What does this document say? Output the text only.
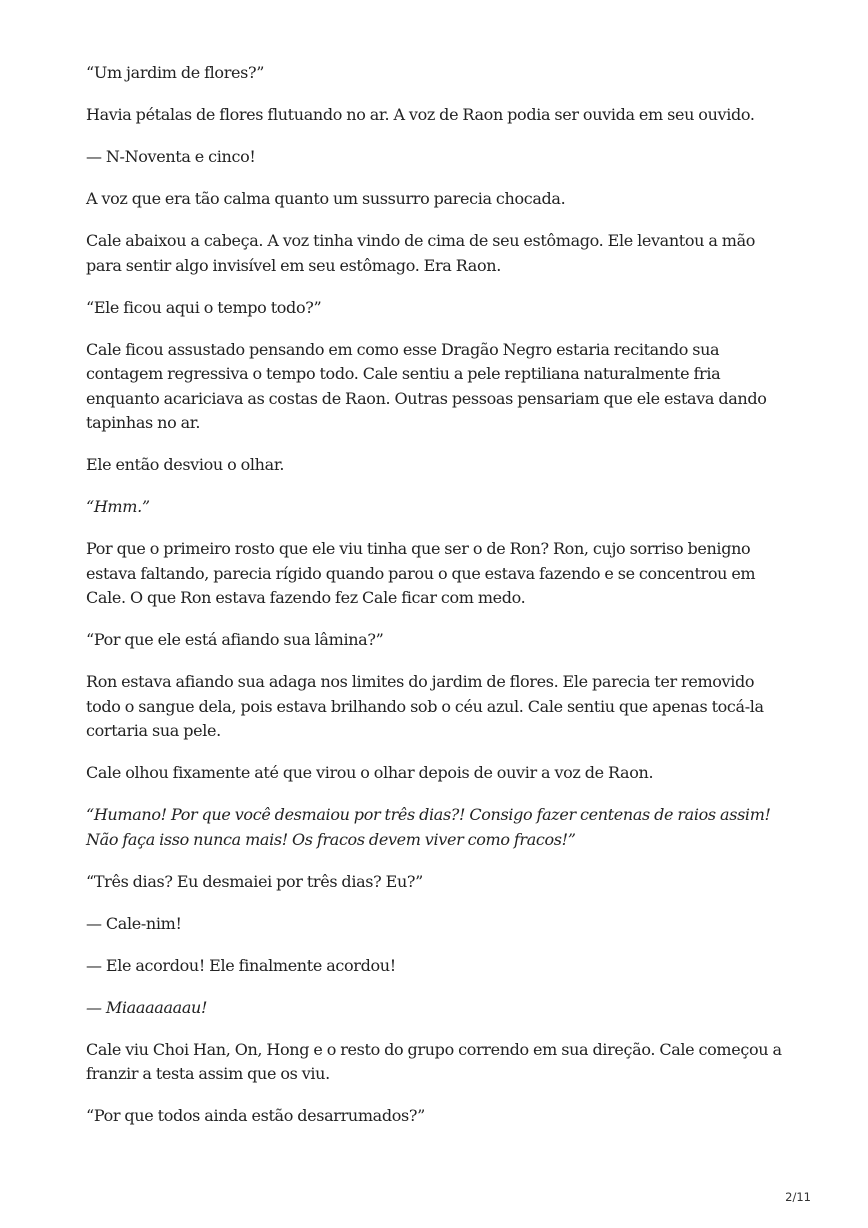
“Um jardim de flores?”

Havia pétalas de flores flutuando no ar. A voz de Raon podia ser ouvida em seu ouvido.

— N-Noventa e cinco!

A voz que era tão calma quanto um sussurro parecia chocada.

Cale abaixou a cabeça. A voz tinha vindo de cima de seu estômago. Ele levantou a mão para sentir algo invisível em seu estômago. Era Raon.

“Ele ficou aqui o tempo todo?”

Cale ficou assustado pensando em como esse Dragão Negro estaria recitando sua contagem regressiva o tempo todo. Cale sentiu a pele reptiliana naturalmente fria enquanto acariciava as costas de Raon. Outras pessoas pensariam que ele estava dando tapinhas no ar.

Ele então desviou o olhar.

“Hmm.”

Por que o primeiro rosto que ele viu tinha que ser o de Ron? Ron, cujo sorriso benigno estava faltando, parecia rígido quando parou o que estava fazendo e se concentrou em Cale. O que Ron estava fazendo fez Cale ficar com medo.

“Por que ele está afiando sua lâmina?”

Ron estava afiando sua adaga nos limites do jardim de flores. Ele parecia ter removido todo o sangue dela, pois estava brilhando sob o céu azul. Cale sentiu que apenas tocá-la cortaria sua pele.

Cale olhou fixamente até que virou o olhar depois de ouvir a voz de Raon.

“Humano! Por que você desmaiou por três dias?! Consigo fazer centenas de raios assim! Não faça isso nunca mais! Os fracos devem viver como fracos!”

“Três dias? Eu desmaiei por três dias? Eu?”

— Cale-nim!

— Ele acordou! Ele finalmente acordou!

— Miaaaaaaau!

Cale viu Choi Han, On, Hong e o resto do grupo correndo em sua direção. Cale começou a franzir a testa assim que os viu.

“Por que todos ainda estão desarrumados?”

2/11
